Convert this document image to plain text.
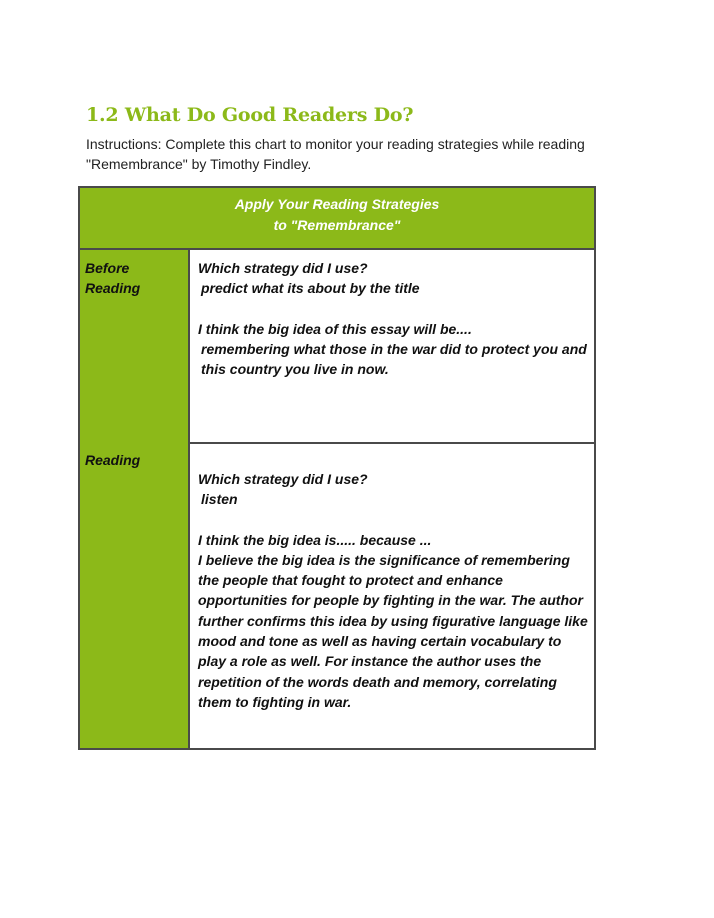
1.2 What Do Good Readers Do?

Instructions: Complete this chart to monitor your reading strategies while reading "Remembrance" by Timothy Findley.

Apply Your Reading Strategies
to "Remembrance"
Before
Reading

Which strategy did I use?

predict what its about by the title

I think the big idea of this essay will be....

remembering what those in the war did to protect you and this country you live in now.

Reading

Which strategy did I use?

listen

I think the big idea is..... because ...

I believe the big idea is the significance of remembering the people that fought to protect and enhance opportunities for people by fighting in the war. The author further confirms this idea by using figurative language like mood and tone as well as having certain vocabulary to play a role as well. For instance the author uses the repetition of the words death and memory, correlating them to fighting in war.
